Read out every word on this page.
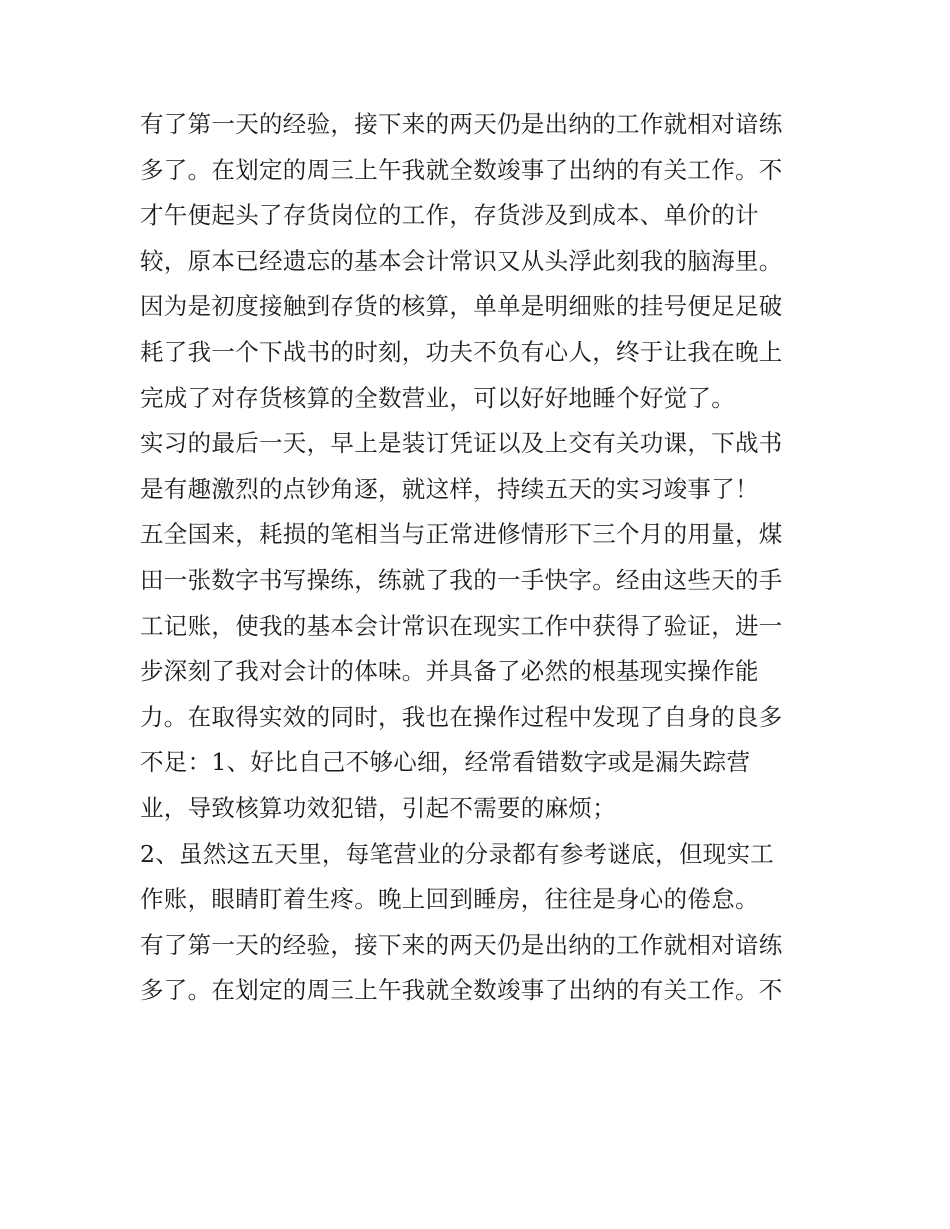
有了第一天的经验，接下来的两天仍是出纳的工作就相对谙练
多了。在划定的周三上午我就全数竣事了出纳的有关工作。不
才午便起头了存货岗位的工作，存货涉及到成本、单价的计
较，原本已经遗忘的基本会计常识又从头浮此刻我的脑海里。
因为是初度接触到存货的核算，单单是明细账的挂号便足足破
耗了我一个下战书的时刻，功夫不负有心人，终于让我在晚上
完成了对存货核算的全数营业，可以好好地睡个好觉了。
实习的最后一天，早上是装订凭证以及上交有关功课，下战书
是有趣激烈的点钞角逐，就这样，持续五天的实习竣事了！
五全国来，耗损的笔相当与正常进修情形下三个月的用量，煤
田一张数字书写操练，练就了我的一手快字。经由这些天的手
工记账，使我的基本会计常识在现实工作中获得了验证，进一
步深刻了我对会计的体味。并具备了必然的根基现实操作能
力。在取得实效的同时，我也在操作过程中发现了自身的良多
不足：1、好比自己不够心细，经常看错数字或是漏失踪营
业，导致核算功效犯错，引起不需要的麻烦；
2、虽然这五天里，每笔营业的分录都有参考谜底，但现实工
作账，眼睛盯着生疼。晚上回到睡房，往往是身心的倦怠。
有了第一天的经验，接下来的两天仍是出纳的工作就相对谙练
多了。在划定的周三上午我就全数竣事了出纳的有关工作。不
